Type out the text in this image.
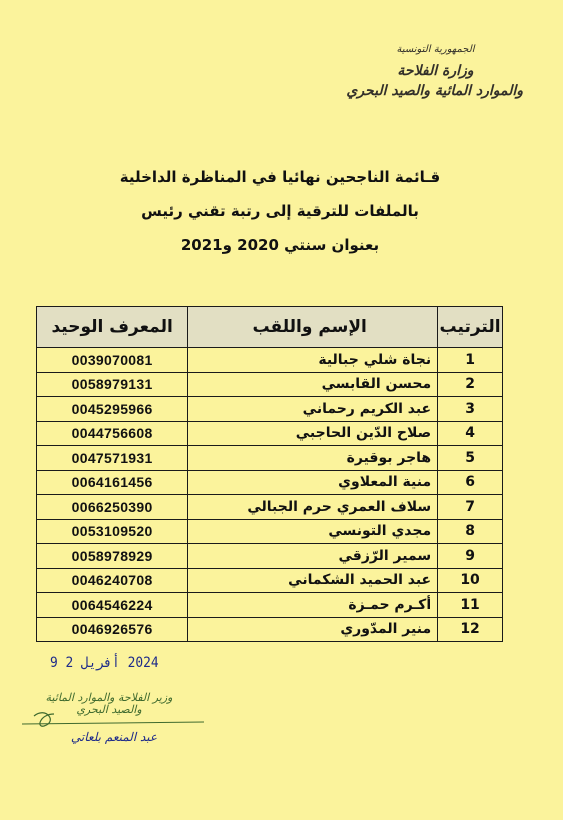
الجمهورية التونسية
وزارة الفلاحة
والموارد المائية والصيد البحري
قـائمة الناجحين نهائيا في المناظرة الداخلية
بالملفات للترقية إلى رتبة تقني رئيس
بعنوان سنتي 2020 و2021
الترتيب	الإسم واللقب	المعرف الوحيد
1	نجاة شلي جبالية	0039070081
2	محسن القابسي	0058979131
3	عبد الكريم رحماني	0045295966
4	صلاح الدّين الحاجبي	0044756608
5	هاجر بوقيرة	0047571931
6	منية المعلاوي	0064161456
7	سلاف العمري حرم الجبالي	0066250390
8	مجدي التونسي	0053109520
9	سمير الرّزقي	0058978929
10	عبد الحميد الشكماني	0046240708
11	أكـرم حمـزة	0064546224
12	منير المدّوري	0046926576
2024 أفريل 2 9
وزير الفلاحة والموارد المائية
والصيد البحري
عبد المنعم بلعاتي
